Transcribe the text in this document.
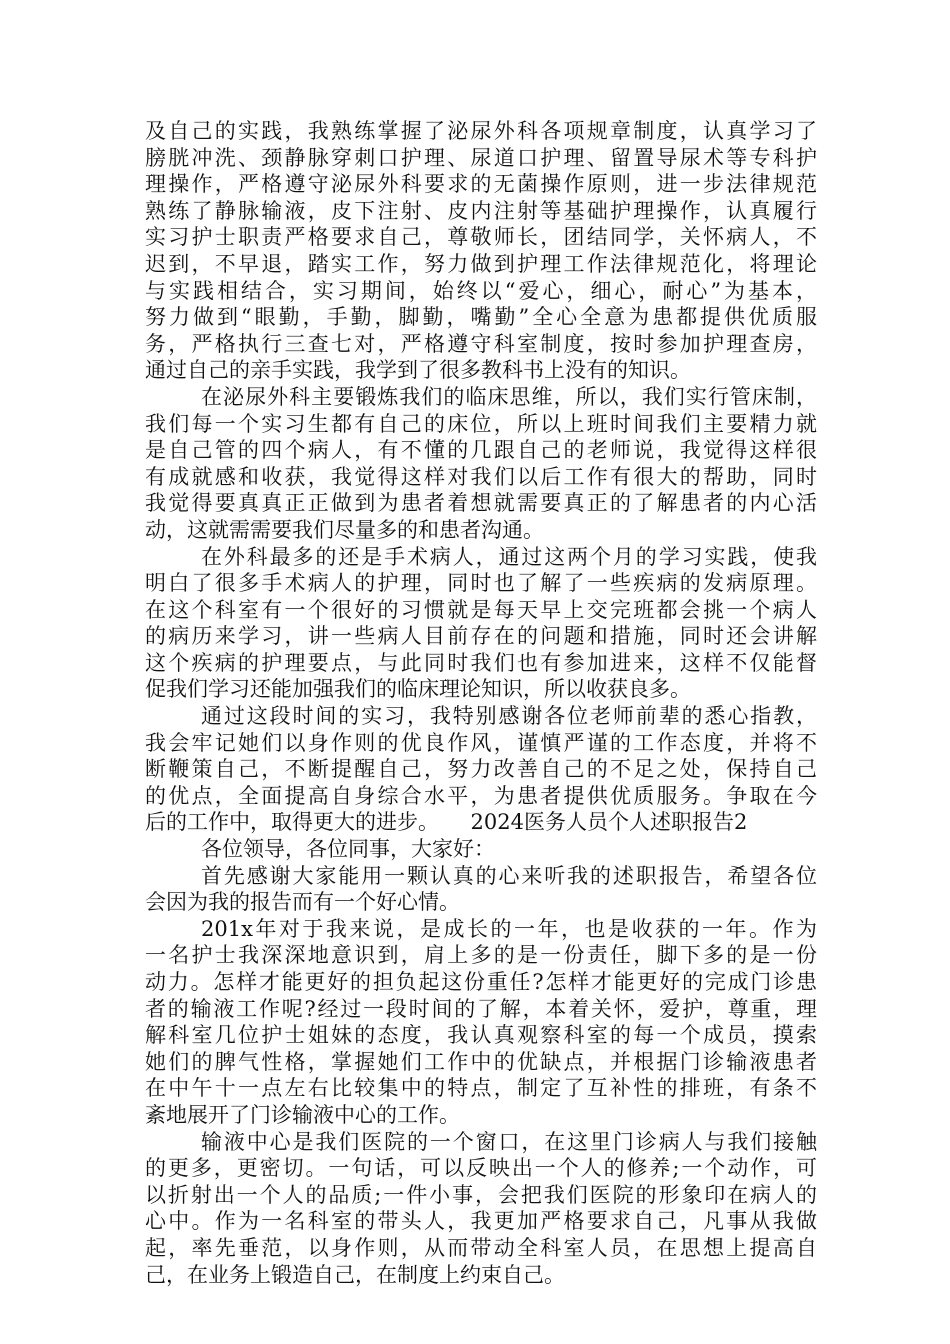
及自己的实践，我熟练掌握了泌尿外科各项规章制度，认真学习了
膀胱冲洗、颈静脉穿刺口护理、尿道口护理、留置导尿术等专科护
理操作，严格遵守泌尿外科要求的无菌操作原则，进一步法律规范
熟练了静脉输液，皮下注射、皮内注射等基础护理操作，认真履行
实习护士职责严格要求自己，尊敬师长，团结同学，关怀病人，不
迟到，不早退，踏实工作，努力做到护理工作法律规范化，将理论
与实践相结合，实习期间，始终以“爱心，细心，耐心”为基本，
努力做到“眼勤，手勤，脚勤，嘴勤”全心全意为患都提供优质服
务，严格执行三查七对，严格遵守科室制度，按时参加护理查房，
通过自己的亲手实践，我学到了很多教科书上没有的知识。
在泌尿外科主要锻炼我们的临床思维，所以，我们实行管床制，
我们每一个实习生都有自己的床位，所以上班时间我们主要精力就
是自己管的四个病人，有不懂的几跟自己的老师说，我觉得这样很
有成就感和收获，我觉得这样对我们以后工作有很大的帮助，同时
我觉得要真真正正做到为患者着想就需要真正的了解患者的内心活
动，这就需需要我们尽量多的和患者沟通。
在外科最多的还是手术病人，通过这两个月的学习实践，使我
明白了很多手术病人的护理，同时也了解了一些疾病的发病原理。
在这个科室有一个很好的习惯就是每天早上交完班都会挑一个病人
的病历来学习，讲一些病人目前存在的问题和措施，同时还会讲解
这个疾病的护理要点，与此同时我们也有参加进来，这样不仅能督
促我们学习还能加强我们的临床理论知识，所以收获良多。
通过这段时间的实习，我特别感谢各位老师前辈的悉心指教，
我会牢记她们以身作则的优良作风，谨慎严谨的工作态度，并将不
断鞭策自己，不断提醒自己，努力改善自己的不足之处，保持自己
的优点，全面提高自身综合水平，为患者提供优质服务。争取在今
后的工作中，取得更大的进步。　　2024医务人员个人述职报告2
各位领导，各位同事，大家好：
首先感谢大家能用一颗认真的心来听我的述职报告，希望各位
会因为我的报告而有一个好心情。
201x年对于我来说，是成长的一年，也是收获的一年。作为
一名护士我深深地意识到，肩上多的是一份责任，脚下多的是一份
动力。怎样才能更好的担负起这份重任?怎样才能更好的完成门诊患
者的输液工作呢?经过一段时间的了解，本着关怀，爱护，尊重，理
解科室几位护士姐妹的态度，我认真观察科室的每一个成员，摸索
她们的脾气性格，掌握她们工作中的优缺点，并根据门诊输液患者
在中午十一点左右比较集中的特点，制定了互补性的排班，有条不
紊地展开了门诊输液中心的工作。
输液中心是我们医院的一个窗口，在这里门诊病人与我们接触
的更多，更密切。一句话，可以反映出一个人的修养;一个动作，可
以折射出一个人的品质;一件小事，会把我们医院的形象印在病人的
心中。作为一名科室的带头人，我更加严格要求自己，凡事从我做
起，率先垂范，以身作则，从而带动全科室人员，在思想上提高自
己，在业务上锻造自己，在制度上约束自己。
